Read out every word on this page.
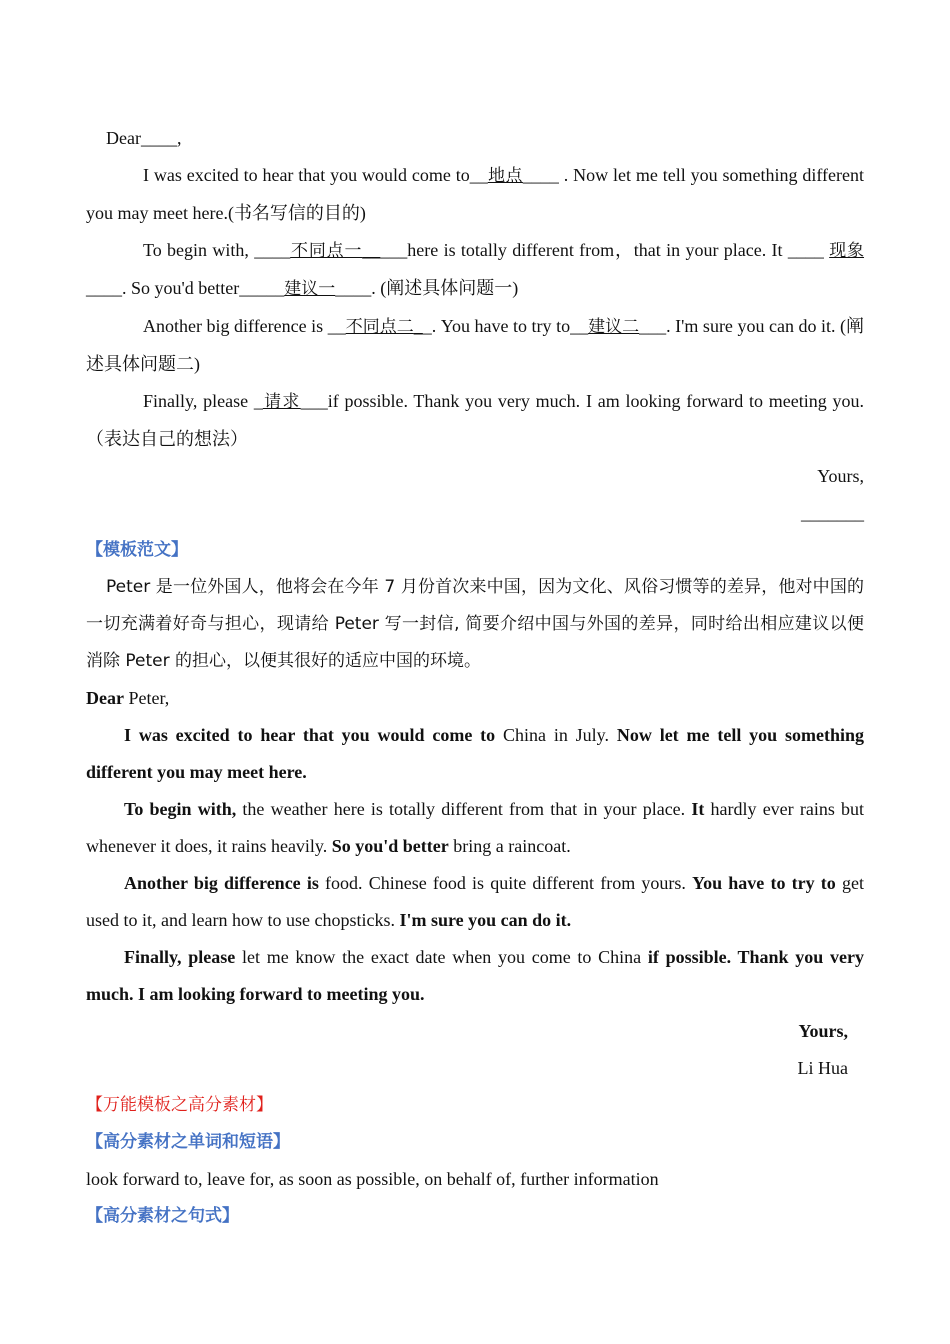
Dear____,

I was excited to hear that you would come to__地点____ . Now let me tell you something different you may meet here.(书名写信的目的)

To begin with, ____不同点一_____here is totally different from，that in your place. It ____ 现象____. So you'd better_____建议一____. (阐述具体问题一)

Another big difference is __不同点二__. You have to try to__建议二___. I'm sure you can do it. (阐述具体问题二)

Finally, please _请求___if possible. Thank you very much. I am looking forward to meeting you. （表达自己的想法）

Yours,

_______

【模板范文】

Peter 是一位外国人，他将会在今年 7 月份首次来中国，因为文化、风俗习惯等的差异，他对中国的一切充满着好奇与担心，现请给 Peter 写一封信, 简要介绍中国与外国的差异，同时给出相应建议以便消除 Peter 的担心，以便其很好的适应中国的环境。

Dear Peter,

I was excited to hear that you would come to China in July. Now let me tell you something different you may meet here.

To begin with, the weather here is totally different from that in your place. It hardly ever rains but whenever it does, it rains heavily. So you'd better bring a raincoat.

Another big difference is food. Chinese food is quite different from yours. You have to try to get used to it, and learn how to use chopsticks. I'm sure you can do it.

Finally, please let me know the exact date when you come to China if possible. Thank you very much. I am looking forward to meeting you.

Yours,

Li Hua

【万能模板之高分素材】

【高分素材之单词和短语】

look forward to, leave for, as soon as possible, on behalf of, further information

【高分素材之句式】
